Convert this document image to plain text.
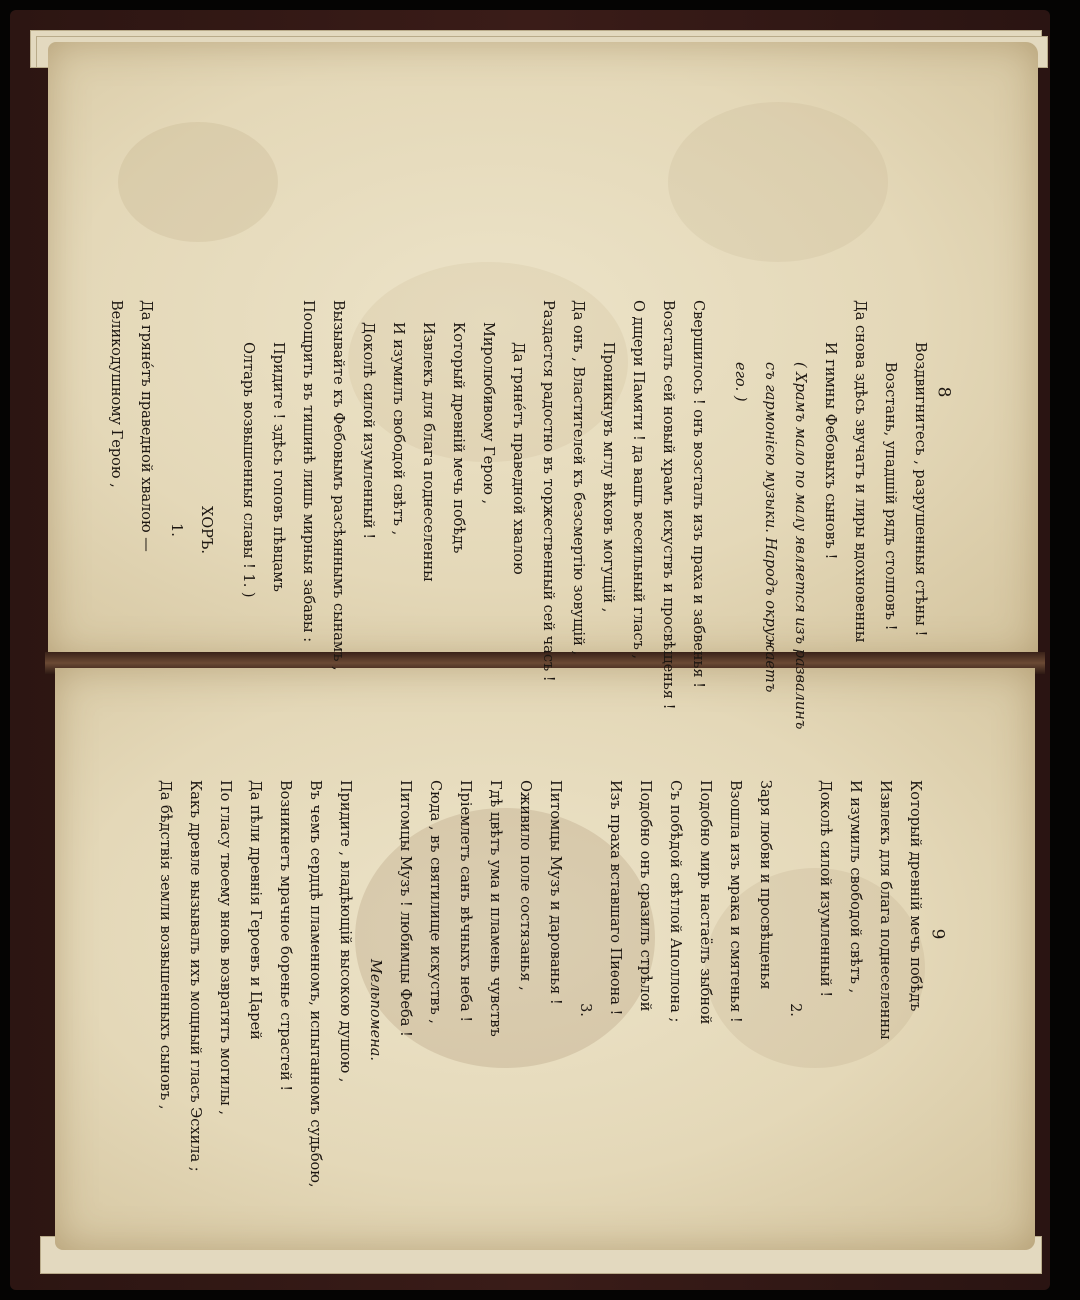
8
9
Воздвигнитесь , разрушенныя стѣны !
Возстань, упадшій рядъ столповъ !
Да снова здѣсь звучатъ и лиры вдохновенны
И гимны Фебовыхъ сыновъ !
( Храмъ мало по малу является изъ развалинъ
съ гармонією музыки. Народъ окружаетъ
его. )
Свершилось ! онъ возсталъ изъ праха и забвенья !
Возсталъ сей новый храмъ искуствъ и просвѣщенья !
О дщери Памяти ! да вашъ всесильный гласъ ,
Проникнувъ мглу вѣковъ могущій ,
Да онъ , Властителей къ безсмертію зовущій ,
Раздастся радостно въ торжественный сей часъ !
Да гряне́тъ праведной хвалою
Миролюбивому Герою ,
Который древній мечь побѣдъ
Извлекъ для блага поднеселенны
И изумилъ свободой свѣтъ ,
Доколѣ силой изумленный !
Вызывайте къ Фебовымъ разсѣяннымъ сынамъ ,
Поощрить въ тишинѣ лишь мирныя забавы :
Придите ! здѣсь гоповъ пѣвцамъ
Олтарь возвышенныя славы ! 1. )
ХОРЪ.
1.
Да гряне́тъ праведной хвалою —
Великодушному Герою ,
Который древній мечь побѣдъ
Извлекъ для блага поднеселенны
И изумилъ свободой свѣтъ ,
Доколѣ силой изумленный !
2.
Заря любви и просвѣщенья
Взошла изъ мрака и смятенья !
Подобно мирь настаёлъ зыбной
Съ побѣдой свѣтлой Аполлона ;
Подобно онъ сразилъ стрѣлой
Изъ праха вставшаго Пиѳона !
3.
Питомцы Музъ и дарованья !
Оживило поле состязанья ,
Гдѣ цвѣтъ ума и пламень чувствъ
Пріемлетъ санъ вѣчныхъ неба !
Сюда , въ святилище искуствъ ,
Питомцы Музъ ! любимцы Феба !
Мельпомена.
Придите , владѣющій высокою душою ,
Въ чемъ сердцѣ пламенномъ, испытанномъ судьбою,
Возникнетъ мрачное боренье страстей !
Да пѣли древнія Героевъ и Царей
По гласу твоему вновь возвратятъ могилы ,
Какъ древле вызывалъ ихъ мощный гласъ Эсхила ;
Да бѣдствія земли возвышенныхъ сыновъ ,
